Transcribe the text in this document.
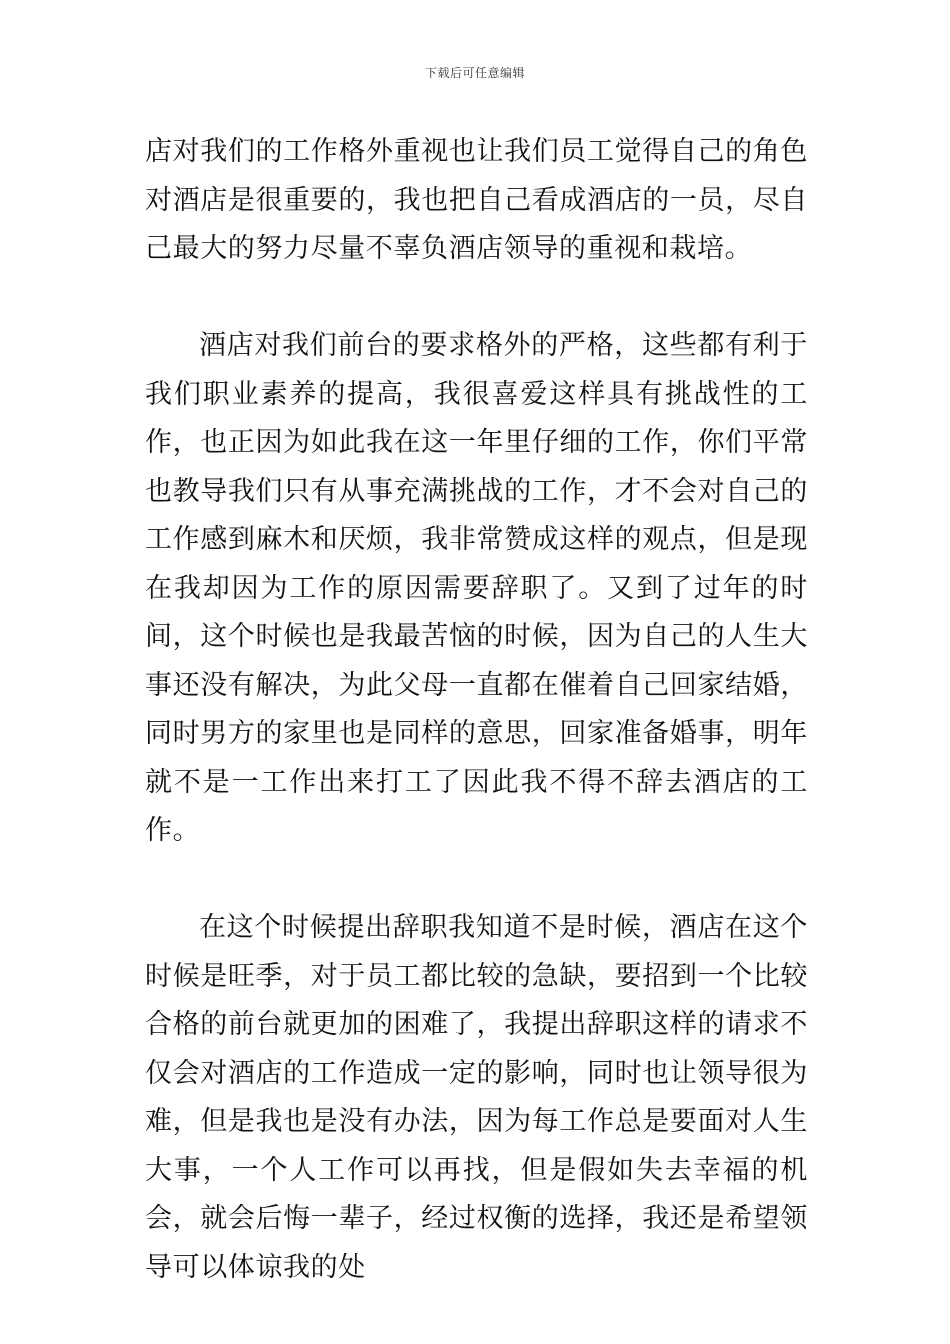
下载后可任意编辑

店对我们的工作格外重视也让我们员工觉得自己的角色对酒店是很重要的，我也把自己看成酒店的一员，尽自己最大的努力尽量不辜负酒店领导的重视和栽培。

酒店对我们前台的要求格外的严格，这些都有利于我们职业素养的提高，我很喜爱这样具有挑战性的工作，也正因为如此我在这一年里仔细的工作，你们平常也教导我们只有从事充满挑战的工作，才不会对自己的工作感到麻木和厌烦，我非常赞成这样的观点，但是现在我却因为工作的原因需要辞职了。又到了过年的时间，这个时候也是我最苦恼的时候，因为自己的人生大事还没有解决，为此父母一直都在催着自己回家结婚，同时男方的家里也是同样的意思，回家准备婚事，明年就不是一工作出来打工了因此我不得不辞去酒店的工作。

在这个时候提出辞职我知道不是时候，酒店在这个时候是旺季，对于员工都比较的急缺，要招到一个比较合格的前台就更加的困难了，我提出辞职这样的请求不仅会对酒店的工作造成一定的影响，同时也让领导很为难，但是我也是没有办法，因为每工作总是要面对人生大事，一个人工作可以再找，但是假如失去幸福的机会，就会后悔一辈子，经过权衡的选择，我还是希望领导可以体谅我的处
